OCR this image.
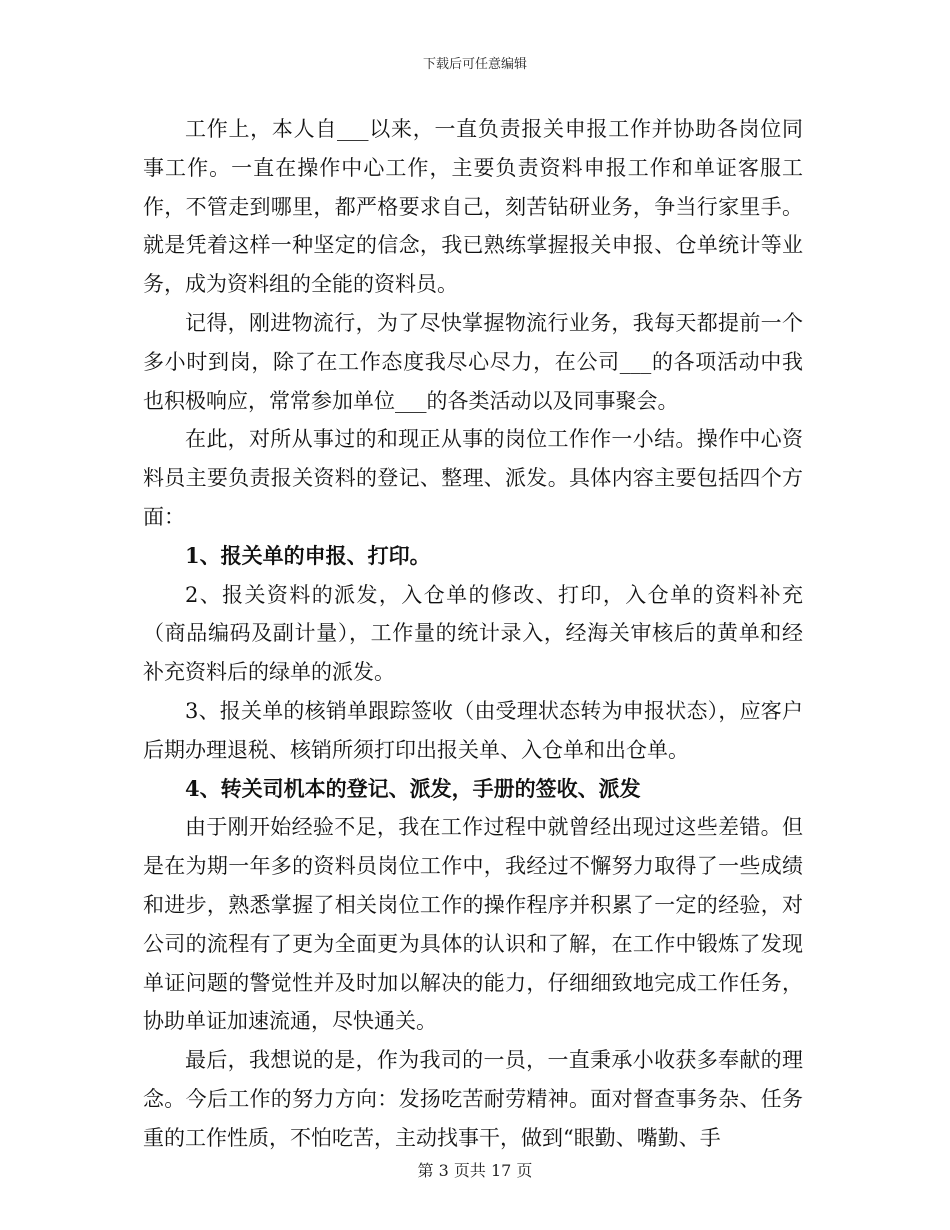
下载后可任意编辑

工作上，本人自___以来，一直负责报关申报工作并协助各岗位同事工作。一直在操作中心工作，主要负责资料申报工作和单证客服工作，不管走到哪里，都严格要求自己，刻苦钻研业务，争当行家里手。就是凭着这样一种坚定的信念，我已熟练掌握报关申报、仓单统计等业务，成为资料组的全能的资料员。

记得，刚进物流行，为了尽快掌握物流行业务，我每天都提前一个多小时到岗，除了在工作态度我尽心尽力，在公司___的各项活动中我也积极响应，常常参加单位___的各类活动以及同事聚会。

在此，对所从事过的和现正从事的岗位工作作一小结。操作中心资料员主要负责报关资料的登记、整理、派发。具体内容主要包括四个方面：

1、报关单的申报、打印。

2、报关资料的派发，入仓单的修改、打印，入仓单的资料补充（商品编码及副计量），工作量的统计录入，经海关审核后的黄单和经补充资料后的绿单的派发。

3、报关单的核销单跟踪签收（由受理状态转为申报状态），应客户后期办理退税、核销所须打印出报关单、入仓单和出仓单。

4、转关司机本的登记、派发，手册的签收、派发

由于刚开始经验不足，我在工作过程中就曾经出现过这些差错。但是在为期一年多的资料员岗位工作中，我经过不懈努力取得了一些成绩和进步，熟悉掌握了相关岗位工作的操作程序并积累了一定的经验，对公司的流程有了更为全面更为具体的认识和了解，在工作中锻炼了发现单证问题的警觉性并及时加以解决的能力，仔细细致地完成工作任务，协助单证加速流通，尽快通关。

最后，我想说的是，作为我司的一员，一直秉承小收获多奉献的理念。今后工作的努力方向：发扬吃苦耐劳精神。面对督查事务杂、任务重的工作性质，不怕吃苦，主动找事干，做到“眼勤、嘴勤、手

第 3 页共 17 页
